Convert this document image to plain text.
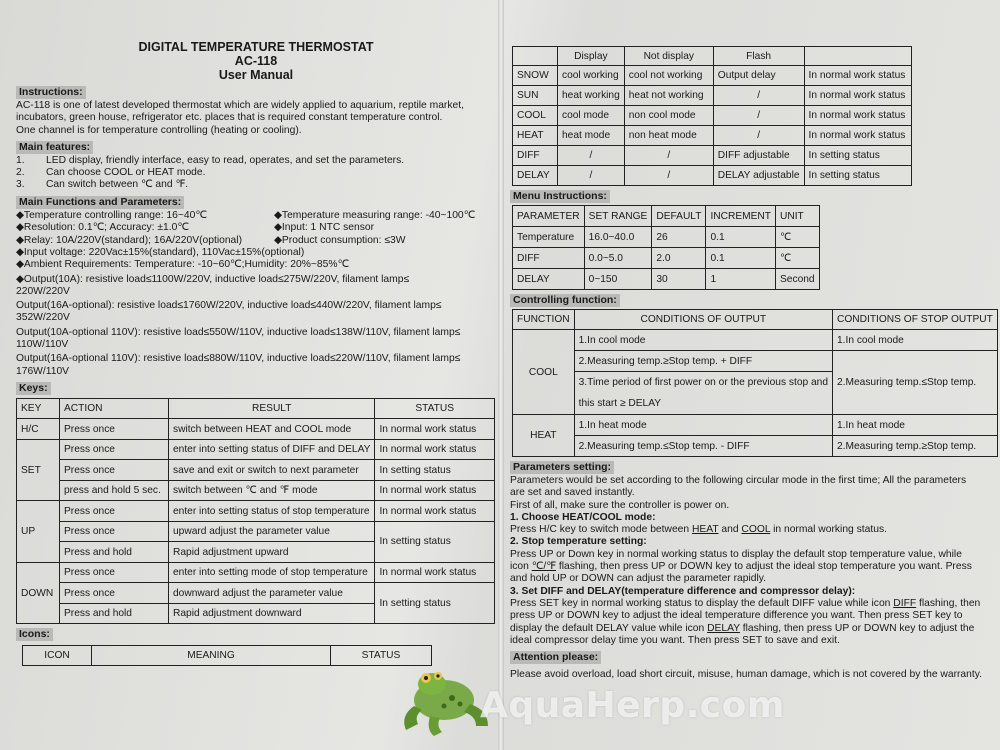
DIGITAL TEMPERATURE THERMOSTAT
AC-118
User Manual
Instructions:
AC-118 is one of latest developed thermostat which are widely applied to aquarium, reptile market,
incubators, green house, refrigerator etc. places that is required constant temperature control.
One channel is for temperature controlling (heating or cooling).
Main features:
1.	LED display, friendly interface, easy to read, operates, and set the parameters.
2.	Can choose COOL or HEAT mode.
3.	Can switch between ℃ and ℉.
Main Functions and Parameters:
◆Temperature controlling range: 16~40℃	◆Temperature measuring range: -40~100℃
◆Resolution: 0.1℃; Accuracy: ±1.0℃	◆Input: 1 NTC sensor
◆Relay: 10A/220V(standard); 16A/220V(optional)	◆Product consumption: ≤3W
◆Input voltage: 220Vac±15%(standard), 110Vac±15%(optional)
◆Ambient Requirements: Temperature: -10~60℃;Humidity: 20%~85%℃
◆Output(10A): resistive load≤1100W/220V, inductive load≤275W/220V, filament lamp≤
220W/220V
Output(16A-optional): resistive load≤1760W/220V, inductive load≤440W/220V, filament lamp≤
352W/220V
Output(10A-optional 110V): resistive load≤550W/110V, inductive load≤138W/110V, filament lamp≤
110W/110V
Output(16A-optional 110V): resistive load≤880W/110V, inductive load≤220W/110V, filament lamp≤
176W/110V
Keys:
KEY	ACTION	RESULT	STATUS
H/C	Press once	switch between HEAT and COOL mode	In normal work status
SET	Press once	enter into setting status of DIFF and DELAY	In normal work status
	Press once	save and exit or switch to next parameter	In setting status
	press and hold 5 sec.	switch between ℃ and ℉ mode	In normal work status
UP	Press once	enter into setting status of stop temperature	In normal work status
	Press once	upward adjust the parameter value	In setting status
	Press and hold	Rapid adjustment upward	
DOWN	Press once	enter into setting mode of stop temperature	In normal work status
	Press once	downward adjust the parameter value	In setting status
	Press and hold	Rapid adjustment downward	
Icons:
ICON	MEANING	STATUS
	Display	Not display	Flash	
SNOW	cool working	cool not working	Output delay	In normal work status
SUN	heat working	heat not working	/	In normal work status
COOL	cool mode	non cool mode	/	In normal work status
HEAT	heat mode	non heat mode	/	In normal work status
DIFF	/	/	DIFF adjustable	In setting status
DELAY	/	/	DELAY adjustable	In setting status
Menu Instructions:
PARAMETER	SET RANGE	DEFAULT	INCREMENT	UNIT
Temperature	16.0~40.0	26	0.1	℃
DIFF	0.0~5.0	2.0	0.1	℃
DELAY	0~150	30	1	Second
Controlling function:
FUNCTION	CONDITIONS OF OUTPUT	CONDITIONS OF STOP OUTPUT
COOL	1.In cool mode	1.In cool mode
	2.Measuring temp.≥Stop temp. + DIFF	2.Measuring temp.≤Stop temp.
	3.Time period of first power on or the previous stop and
this start ≥ DELAY	
HEAT	1.In heat mode	1.In heat mode
	2.Measuring temp.≤Stop temp. - DIFF	2.Measuring temp.≥Stop temp.
Parameters setting:
Parameters would be set according to the following circular mode in the first time; All the parameters
are set and saved instantly.
First of all, make sure the controller is power on.
1. Choose HEAT/COOL mode:
Press H/C key to switch mode between HEAT and COOL in normal working status.
2. Stop temperature setting:
Press UP or Down key in normal working status to display the default stop temperature value, while
icon ℃/℉ flashing, then press UP or DOWN key to adjust the ideal stop temperature you want. Press
and hold UP or DOWN can adjust the parameter rapidly.
3. Set DIFF and DELAY(temperature difference and compressor delay):
Press SET key in normal working status to display the default DIFF value while icon DIFF flashing, then
press UP or DOWN key to adjust the ideal temperature difference you want. Then press SET key to
display the default DELAY value while icon DELAY flashing, then press UP or DOWN key to adjust the
ideal compressor delay time you want. Then press SET to save and exit.
Attention please:
Please avoid overload, load short circuit, misuse, human damage, which is not covered by the warranty.
AquaHerp.com
